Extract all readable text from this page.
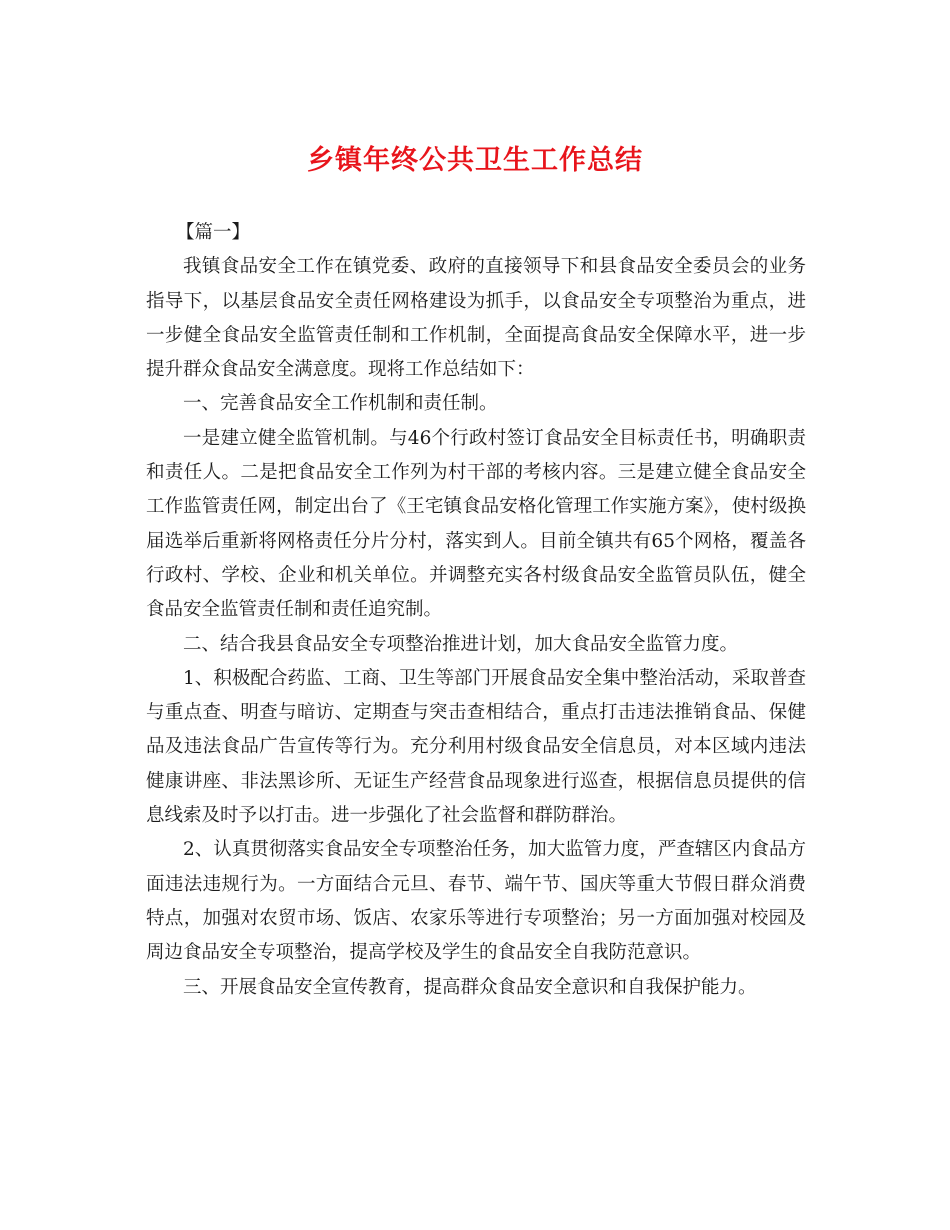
乡镇年终公共卫生工作总结

【篇一】

我镇食品安全工作在镇党委、政府的直接领导下和县食品安全委员会的业务指导下，以基层食品安全责任网格建设为抓手，以食品安全专项整治为重点，进一步健全食品安全监管责任制和工作机制，全面提高食品安全保障水平，进一步提升群众食品安全满意度。现将工作总结如下：

一、完善食品安全工作机制和责任制。

一是建立健全监管机制。与46个行政村签订食品安全目标责任书，明确职责和责任人。二是把食品安全工作列为村干部的考核内容。三是建立健全食品安全工作监管责任网，制定出台了《王宅镇食品安格化管理工作实施方案》，使村级换届选举后重新将网格责任分片分村，落实到人。目前全镇共有65个网格，覆盖各行政村、学校、企业和机关单位。并调整充实各村级食品安全监管员队伍，健全食品安全监管责任制和责任追究制。

二、结合我县食品安全专项整治推进计划，加大食品安全监管力度。

1、积极配合药监、工商、卫生等部门开展食品安全集中整治活动，采取普查与重点查、明查与暗访、定期查与突击查相结合，重点打击违法推销食品、保健品及违法食品广告宣传等行为。充分利用村级食品安全信息员，对本区域内违法健康讲座、非法黑诊所、无证生产经营食品现象进行巡查，根据信息员提供的信息线索及时予以打击。进一步强化了社会监督和群防群治。

2、认真贯彻落实食品安全专项整治任务，加大监管力度，严查辖区内食品方面违法违规行为。一方面结合元旦、春节、端午节、国庆等重大节假日群众消费特点，加强对农贸市场、饭店、农家乐等进行专项整治；另一方面加强对校园及周边食品安全专项整治，提高学校及学生的食品安全自我防范意识。

三、开展食品安全宣传教育，提高群众食品安全意识和自我保护能力。
